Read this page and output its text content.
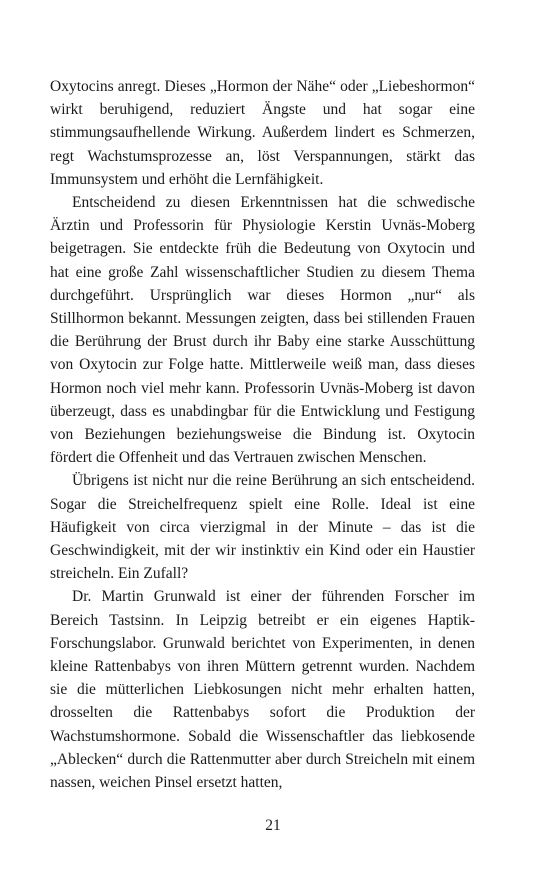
Oxytocins anregt. Dieses „Hormon der Nähe“ oder „Liebeshormon“ wirkt beruhigend, reduziert Ängste und hat sogar eine stimmungsaufhellende Wirkung. Außerdem lindert es Schmerzen, regt Wachstumsprozesse an, löst Verspannungen, stärkt das Immunsystem und erhöht die Lernfähigkeit.

Entscheidend zu diesen Erkenntnissen hat die schwedische Ärztin und Professorin für Physiologie Kerstin Uvnäs-Moberg beigetragen. Sie entdeckte früh die Bedeutung von Oxytocin und hat eine große Zahl wissenschaftlicher Studien zu diesem Thema durchgeführt. Ursprünglich war dieses Hormon „nur“ als Stillhormon bekannt. Messungen zeigten, dass bei stillenden Frauen die Berührung der Brust durch ihr Baby eine starke Ausschüttung von Oxytocin zur Folge hatte. Mittlerweile weiß man, dass dieses Hormon noch viel mehr kann. Professorin Uvnäs-Moberg ist davon überzeugt, dass es unabdingbar für die Entwicklung und Festigung von Beziehungen beziehungsweise die Bindung ist. Oxytocin fördert die Offenheit und das Vertrauen zwischen Menschen.

Übrigens ist nicht nur die reine Berührung an sich entscheidend. Sogar die Streichelfrequenz spielt eine Rolle. Ideal ist eine Häufigkeit von circa vierzigmal in der Minute – das ist die Geschwindigkeit, mit der wir instinktiv ein Kind oder ein Haustier streicheln. Ein Zufall?

Dr. Martin Grunwald ist einer der führenden Forscher im Bereich Tastsinn. In Leipzig betreibt er ein eigenes Haptik-Forschungslabor. Grunwald berichtet von Experimenten, in denen kleine Rattenbabys von ihren Müttern getrennt wurden. Nachdem sie die mütterlichen Liebkosungen nicht mehr erhalten hatten, drosselten die Rattenbabys sofort die Produktion der Wachstumshormone. Sobald die Wissenschaftler das liebkosende „Ablecken“ durch die Rattenmutter aber durch Streicheln mit einem nassen, weichen Pinsel ersetzt hatten,

21
